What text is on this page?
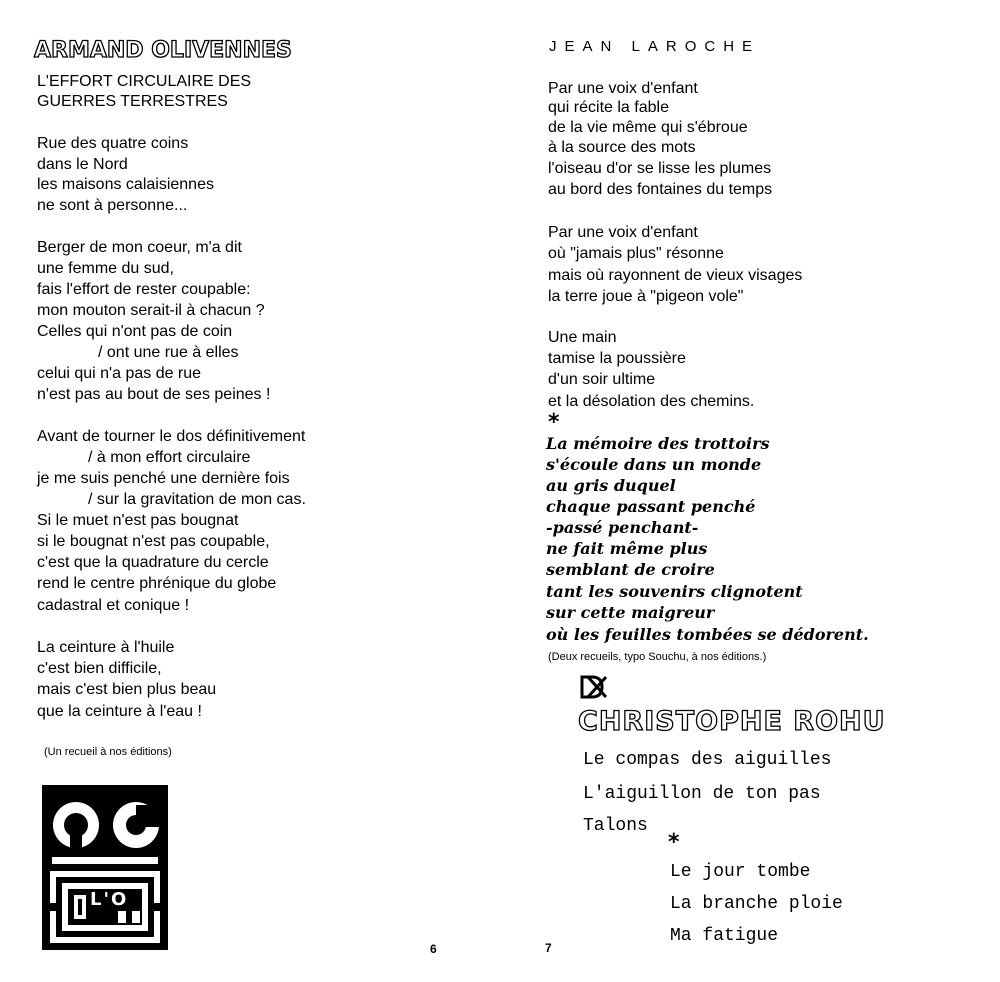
ARMAND OLIVENNES
L'EFFORT CIRCULAIRE DES
GUERRES TERRESTRES
Rue des quatre coins
dans le Nord
les maisons calaisiennes
ne sont à personne...
Berger de mon coeur, m'a dit
une femme du sud,
fais l'effort de rester coupable:
mon mouton serait-il à chacun ?
Celles qui n'ont pas de coin
/ ont une rue à elles
celui qui n'a pas de rue
n'est pas au bout de ses peines !
Avant de tourner le dos définitivement
/ à mon effort circulaire
je me suis penché une dernière fois
/ sur la gravitation de mon cas.
Si le muet n'est pas bougnat
si le bougnat n'est pas coupable,
c'est que la quadrature du cercle
rend le centre phrénique du globe
cadastral et conique !
La ceinture à l'huile
c'est bien difficile,
mais c'est bien plus beau
que la ceinture à l'eau !
(Un recueil à nos éditions)
L'O
6
JEAN LAROCHE
Par une voix d'enfant
qui récite la fable
de la vie même qui s'ébroue
à la source des mots
l'oiseau d'or se lisse les plumes
au bord des fontaines du temps
Par une voix d'enfant
où "jamais plus" résonne
mais où rayonnent de vieux visages
la terre joue à "pigeon vole"
Une main
tamise la poussière
d'un soir ultime
et la désolation des chemins.
*
La mémoire des trottoirs
s'écoule dans un monde
au gris duquel
chaque passant penché
-passé penchant-
ne fait même plus
semblant de croire
tant les souvenirs clignotent
sur cette maigreur
où les feuilles tombées se dédorent.
(Deux recueils, typo Souchu, à nos éditions.)
CHRISTOPHE ROHU
Le compas des aiguilles
L'aiguillon de ton pas
Talons
*
Le jour tombe
La branche ploie
Ma fatigue
7
